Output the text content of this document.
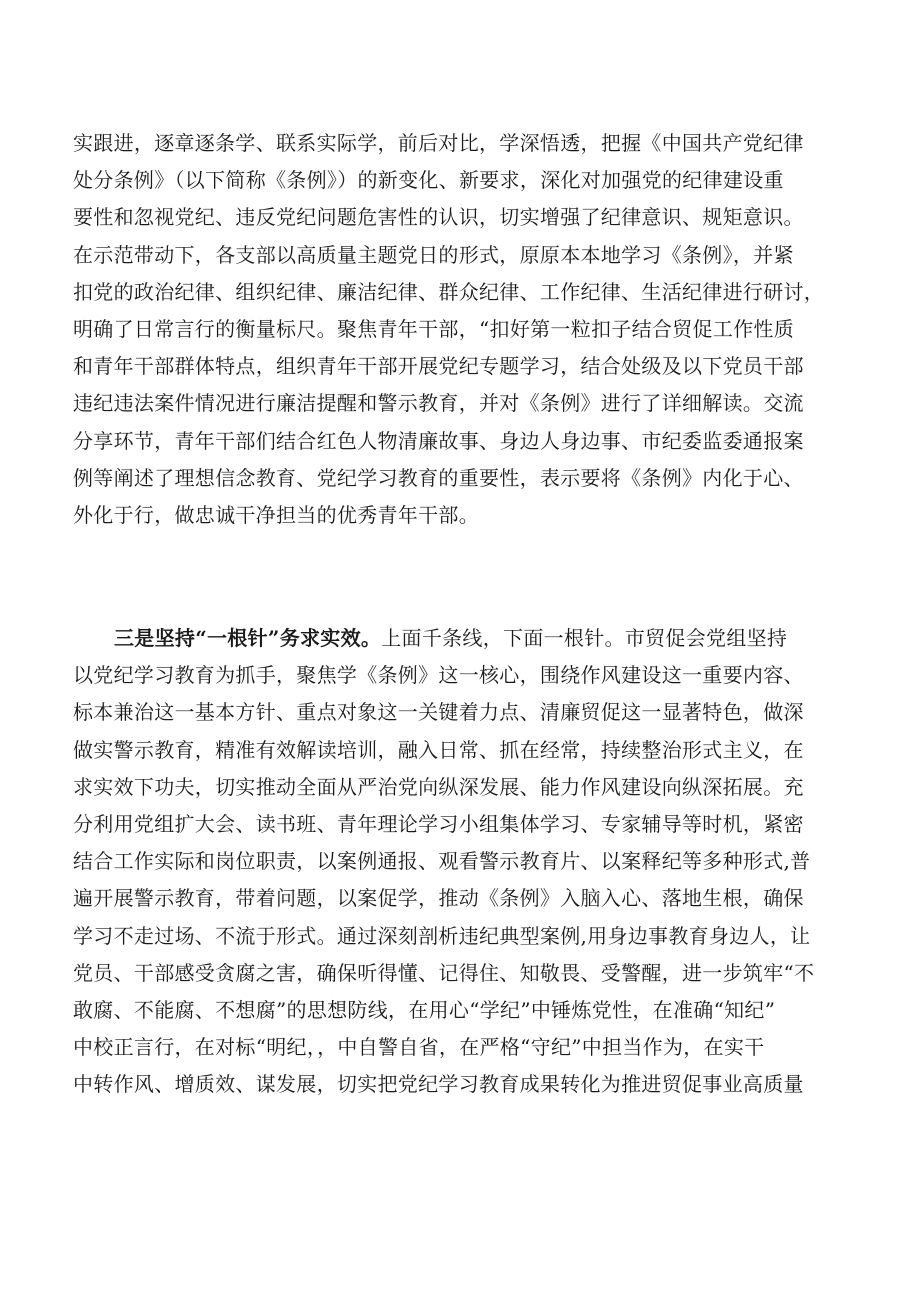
实跟进，逐章逐条学、联系实际学，前后对比，学深悟透，把握《中国共产党纪律
处分条例》（以下简称《条例》）的新变化、新要求，深化对加强党的纪律建设重
要性和忽视党纪、违反党纪问题危害性的认识，切实增强了纪律意识、规矩意识。
在示范带动下，各支部以高质量主题党日的形式，原原本本地学习《条例》，并紧
扣党的政治纪律、组织纪律、廉洁纪律、群众纪律、工作纪律、生活纪律进行研讨，
明确了日常言行的衡量标尺。聚焦青年干部，“扣好第一粒扣子结合贸促工作性质
和青年干部群体特点，组织青年干部开展党纪专题学习，结合处级及以下党员干部
违纪违法案件情况进行廉洁提醒和警示教育，并对《条例》进行了详细解读。交流
分享环节，青年干部们结合红色人物清廉故事、身边人身边事、市纪委监委通报案
例等阐述了理想信念教育、党纪学习教育的重要性，表示要将《条例》内化于心、
外化于行，做忠诚干净担当的优秀青年干部。
三是坚持“一根针”务求实效。上面千条线，下面一根针。市贸促会党组坚持
以党纪学习教育为抓手，聚焦学《条例》这一核心，围绕作风建设这一重要内容、
标本兼治这一基本方针、重点对象这一关键着力点、清廉贸促这一显著特色，做深
做实警示教育，精准有效解读培训，融入日常、抓在经常，持续整治形式主义，在
求实效下功夫，切实推动全面从严治党向纵深发展、能力作风建设向纵深拓展。充
分利用党组扩大会、读书班、青年理论学习小组集体学习、专家辅导等时机，紧密
结合工作实际和岗位职责，以案例通报、观看警示教育片、以案释纪等多种形式,普
遍开展警示教育，带着问题，以案促学，推动《条例》入脑入心、落地生根，确保
学习不走过场、不流于形式。通过深刻剖析违纪典型案例,用身边事教育身边人，让
党员、干部感受贪腐之害，确保听得懂、记得住、知敬畏、受警醒，进一步筑牢“不
敢腐、不能腐、不想腐”的思想防线，在用心“学纪”中锤炼党性，在准确“知纪”
中校正言行，在对标“明纪，，中自警自省，在严格“守纪”中担当作为，在实干
中转作风、增质效、谋发展，切实把党纪学习教育成果转化为推进贸促事业高质量
